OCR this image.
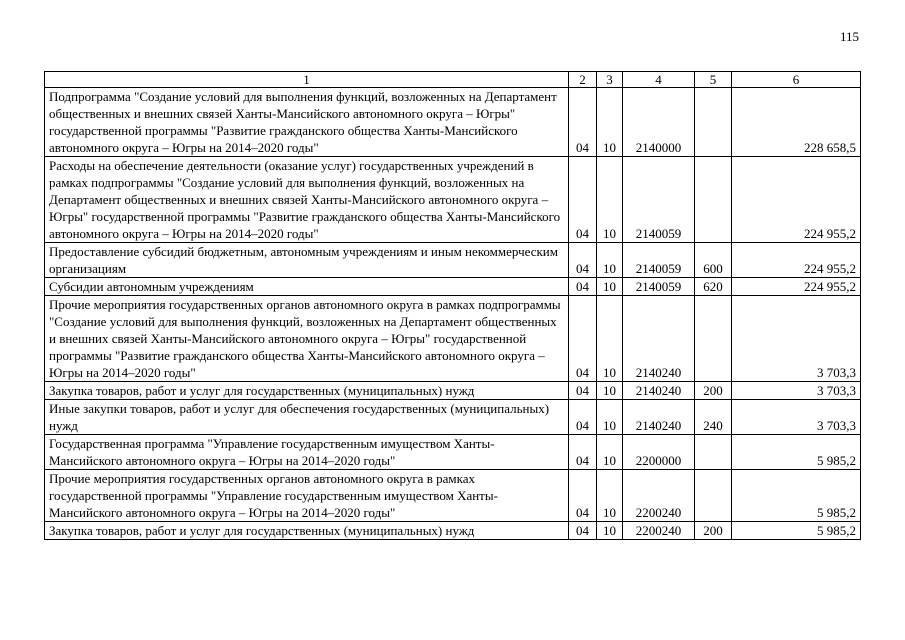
115
1	2	3	4	5	6
Подпрограмма "Создание условий для выполнения функций, возложенных на Департамент общественных и внешних связей Ханты-Мансийского автономного округа – Югры" государственной программы "Развитие гражданского общества Ханты-Мансийского автономного округа – Югры на 2014–2020 годы"	04	10	2140000		228 658,5
Расходы на обеспечение деятельности (оказание услуг) государственных учреждений в рамках подпрограммы "Создание условий для выполнения функций, возложенных на Департамент общественных и внешних связей Ханты-Мансийского автономного округа – Югры" государственной программы "Развитие гражданского общества Ханты-Мансийского автономного округа – Югры на 2014–2020 годы"	04	10	2140059		224 955,2
Предоставление субсидий бюджетным, автономным учреждениям и иным некоммерческим организациям	04	10	2140059	600	224 955,2
Субсидии автономным учреждениям	04	10	2140059	620	224 955,2
Прочие мероприятия государственных органов автономного округа в рамках подпрограммы "Создание условий для выполнения функций, возложенных на Департамент общественных и внешних связей Ханты-Мансийского автономного округа – Югры" государственной программы "Развитие гражданского общества Ханты-Мансийского автономного округа – Югры на 2014–2020 годы"	04	10	2140240		3 703,3
Закупка товаров, работ и услуг для государственных (муниципальных) нужд	04	10	2140240	200	3 703,3
Иные закупки товаров, работ и услуг для обеспечения государственных (муниципальных) нужд	04	10	2140240	240	3 703,3
Государственная программа "Управление государственным имуществом Ханты-Мансийского автономного округа – Югры на 2014–2020 годы"	04	10	2200000		5 985,2
Прочие мероприятия государственных органов автономного округа в рамках государственной программы "Управление государственным имуществом Ханты-Мансийского автономного округа – Югры на 2014–2020 годы"	04	10	2200240		5 985,2
Закупка товаров, работ и услуг для государственных (муниципальных) нужд	04	10	2200240	200	5 985,2
